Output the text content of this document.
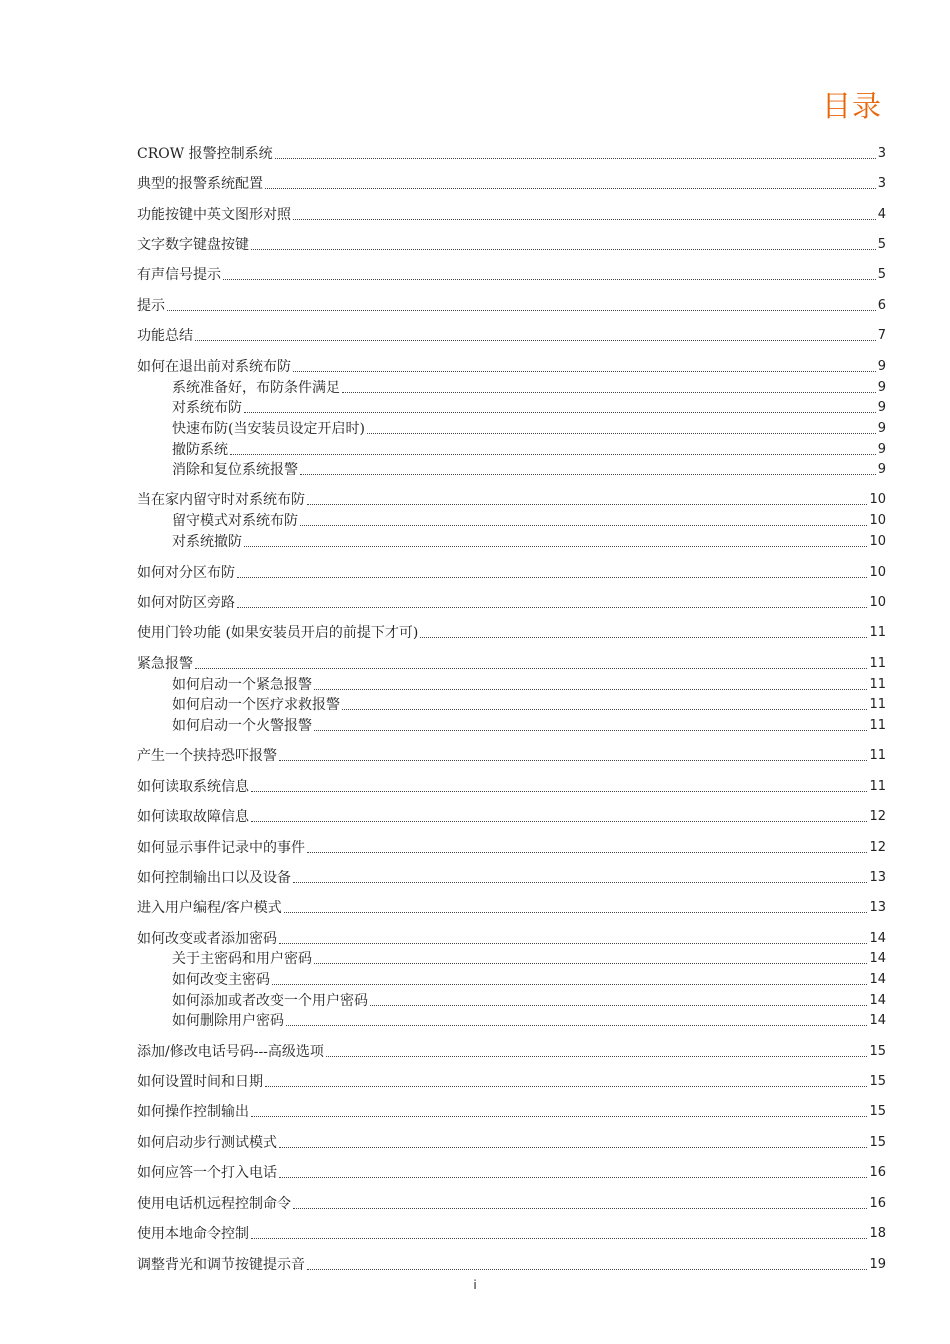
目录
CROW 报警控制系统	3
典型的报警系统配置	3
功能按键中英文图形对照	4
文字数字键盘按键	5
有声信号提示	5
提示	6
功能总结	7
如何在退出前对系统布防	9
系统准备好，布防条件满足	9
对系统布防	9
快速布防(当安装员设定开启时)	9
撤防系统	9
消除和复位系统报警	9
当在家内留守时对系统布防	10
留守模式对系统布防	10
对系统撤防	10
如何对分区布防	10
如何对防区旁路	10
使用门铃功能 (如果安装员开启的前提下才可)	11
紧急报警	11
如何启动一个紧急报警	11
如何启动一个医疗求救报警	11
如何启动一个火警报警	11
产生一个挟持恐吓报警	11
如何读取系统信息	11
如何读取故障信息	12
如何显示事件记录中的事件	12
如何控制输出口以及设备	13
进入用户编程/客户模式	13
如何改变或者添加密码	14
关于主密码和用户密码	14
如何改变主密码	14
如何添加或者改变一个用户密码	14
如何删除用户密码	14
添加/修改电话号码---高级选项	15
如何设置时间和日期	15
如何操作控制输出	15
如何启动步行测试模式	15
如何应答一个打入电话	16
使用电话机远程控制命令	16
使用本地命令控制	18
调整背光和调节按键提示音	19
i
